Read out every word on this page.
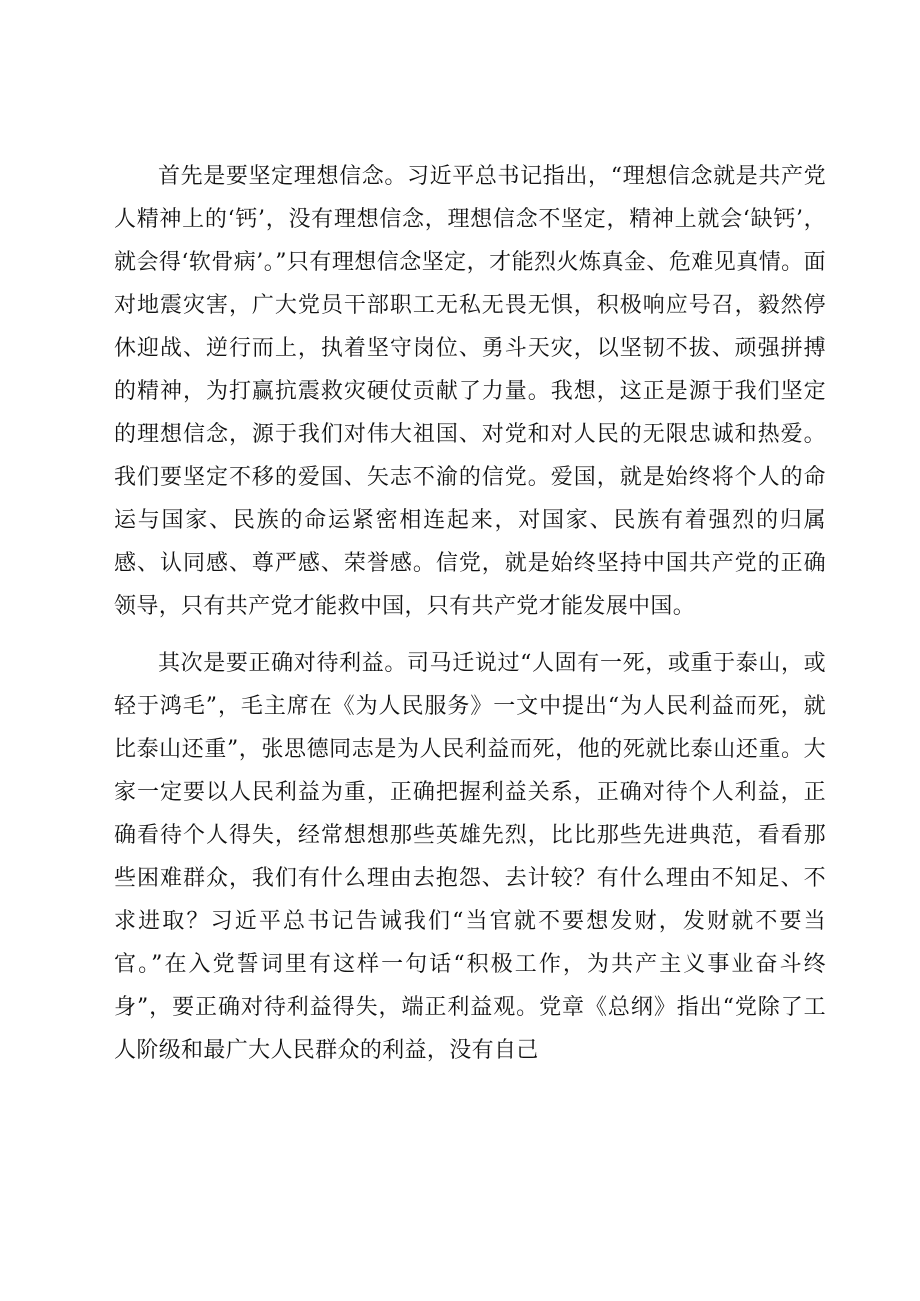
首先是要坚定理想信念。习近平总书记指出，“理想信念就是共产党人精神上的‘钙’，没有理想信念，理想信念不坚定，精神上就会‘缺钙’，就会得‘软骨病’。”只有理想信念坚定，才能烈火炼真金、危难见真情。面对地震灾害，广大党员干部职工无私无畏无惧，积极响应号召，毅然停休迎战、逆行而上，执着坚守岗位、勇斗天灾，以坚韧不拔、顽强拼搏的精神，为打赢抗震救灾硬仗贡献了力量。我想，这正是源于我们坚定的理想信念，源于我们对伟大祖国、对党和对人民的无限忠诚和热爱。我们要坚定不移的爱国、矢志不渝的信党。爱国，就是始终将个人的命运与国家、民族的命运紧密相连起来，对国家、民族有着强烈的归属感、认同感、尊严感、荣誉感。信党，就是始终坚持中国共产党的正确领导，只有共产党才能救中国，只有共产党才能发展中国。

其次是要正确对待利益。司马迁说过“人固有一死，或重于泰山，或轻于鸿毛”，毛主席在《为人民服务》一文中提出“为人民利益而死，就比泰山还重”，张思德同志是为人民利益而死，他的死就比泰山还重。大家一定要以人民利益为重，正确把握利益关系，正确对待个人利益，正确看待个人得失，经常想想那些英雄先烈，比比那些先进典范，看看那些困难群众，我们有什么理由去抱怨、去计较？有什么理由不知足、不求进取？习近平总书记告诫我们“当官就不要想发财，发财就不要当官。”在入党誓词里有这样一句话“积极工作，为共产主义事业奋斗终身”，要正确对待利益得失，端正利益观。党章《总纲》指出“党除了工人阶级和最广大人民群众的利益，没有自己
